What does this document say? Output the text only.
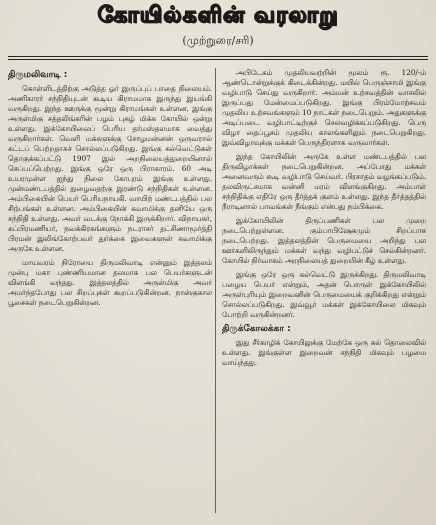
கோயில்களின் வரலாறு
(முற்றுரை/சரி)
திருமலிவாடி :

கொள்ளிடத்திற்கு அடுத்த ஓர் இருப்புப் பாதை நிலையம். அணிகாரர் சந்நிதியுடன் கூடிய கிராமமாக இருந்து இயங்கி வருகிறது. இந்த ஊருக்கு மூன்று கிராமங்கள் உள்ளன. இங்கு அருள்மிகு சத்தலிங்கரின் பழம் புகழ் மிக்க கோயில் ஒன்று உள்ளது. இக்கோயிலைப் பெரிய தர்மஸ்தலமாக வைத்து வருகிறார்கள். வெளி மக்களுக்கு சோழமன்னன் ஒருவரால் கட்டப் பெற்றதாகச் சொல்லப்படுகிறது. இங்கு கல்வெட்டுகள் தொகுக்கப்பட்டு 1907 இல் அறநிலையத்துறையினால் செப்பப்பெற்றது. இங்கு ஒரே ஒரு பிராகாரம். 60 அடி உயரமுள்ள ஐந்து நிலை கோபுரம் இங்கு உள்ளது. முன்மண்டபத்தில் நுழைவதற்கு இரண்டு சந்நிதிகள் உள்ளன. அம்பிகையின் பெயர் பெரியநாயகி. வாயிற் மண்டபத்தில் பல சிற்பங்கள் உள்ளன. அம்பிகையின் சுவாமிக்கு தனியே ஒரு சந்நிதி உள்ளது. அவர் வடக்கு நோக்கி இருக்கிறார். விநாயகர், சுப்பிரமணியர், நவக்கிரகங்களும் நடராசர் தட்சிணாமூர்த்தி பிரமன் இலிங்கோற்பவர் துர்க்கை இவைகளுள் சுவாமிக்கு அருகே உள்ளன.

மாயவரம் நிரோயை திருமலிவாடி என்னும் இத்தலம் முன்பு மகா புண்ணியமான தலமாக பல பெயர்களுடன் விளங்கி வந்தது. இத்தலத்தில் அருள்மிகு அவர் அமர்ந்தபோது பல சிறப்புகள் கூறப்படுகின்றன. நான்குகால பூசைகள் நடைபெறுகின்றன.

அபிடேகம் முதலியவற்றின் மூலம் ரூ. 120/-ம் ஆண்டொன்றுக்குக் கிடைக்கின்றது. மயில் பெருஞ்சாமி இங்கு வழிபாடு செய்து வருகிறார். அம்மன் உற்சவத்தின் வாசலில் இருப்பது மேன்மைப்படுகிறது. இங்கு பிரம்மோற்சவம் முதலிய உற்சவங்களும் 10 நாட்கள் நடைபெறும். அதுகளுக்கு அடிப்படை வழிபாட்டிற்குச் செலவழிக்கப்படுகிறது. பெரு விழா தைப்பூசம் முதலிய காலங்களிலும் நடைபெறுகிறது. இவ்விழாவுக்கு மக்கள் பெருந்திரளாக வருவார்கள்.

இந்த கோயிலின் அருகே உள்ள மண்டபத்தில் பல திருவிழாக்கள் நடைபெறுகின்றன. அப்போது மக்கள் அனைவரும் கூடி வழிபாடு செய்வர். பிரசாதம் வழங்கப்படும். தலவிருட்சமாக வன்னி மரம் விளங்குகிறது. அம்பாள் சந்நிதிக்கு எதிரே ஒரு தீர்த்தக் குளம் உள்ளது. இந்த தீர்த்தத்தில் நீராடினால் பாவங்கள் நீங்கும் என்பது நம்பிக்கை.

இக்கோயிலின் திருப்பணிகள் பல முறை நடைபெற்றுள்ளன. கும்பாபிஷேகமும் சிறப்பாக நடைபெற்றது. இத்தலத்தின் பெருமையை அறிந்து பல ஊர்களிலிருந்தும் மக்கள் வந்து வழிபட்டுச் செல்கின்றனர். கோயில் நிர்வாகம் அறநிலையத் துறையின் கீழ் உள்ளது.

இங்கு ஒரே ஒரு கல்வெட்டு இருக்கிறது. திருமலிவாடி பழைய பெயர் என்றும், அதன் பொருள் இக்கோயிலில் அருள்புரியும் இறைவனின் பெருமையைக் குறிக்கிறது என்றும் சொல்லப்படுகிறது. இவ்வூர் மக்கள் இக்கோயிலை மிகவும் போற்றி வருகின்றனர்.

திருக்கோலக்கா :

இது சீர்காழிக் கோயிலுக்கு மேற்கே ஒரு கல் தொலைவில் உள்ளது. இங்குள்ள இறைவன் சந்நிதி மிகவும் பழமை வாய்ந்தது.
